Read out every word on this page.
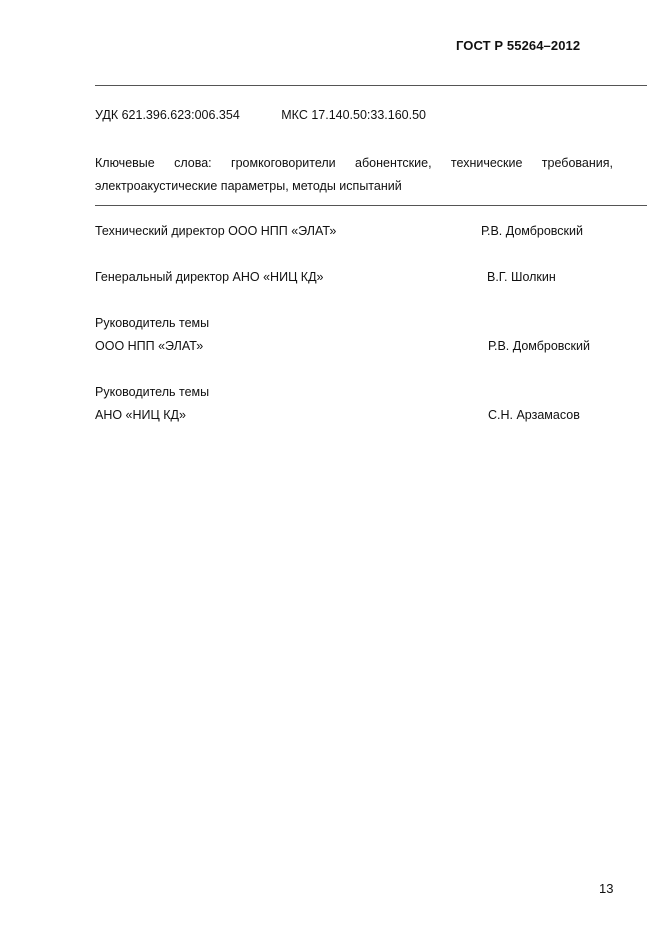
ГОСТ Р 55264–2012
УДК 621.396.623:006.354	МКС 17.140.50:33.160.50
Ключевые слова: громкоговорители абонентские, технические требования, электроакустические параметры, методы испытаний
Технический директор ООО НПП «ЭЛАТ»	Р.В. Домбровский
Генеральный директор АНО «НИЦ КД»	В.Г. Шолкин
Руководитель темы
ООО НПП «ЭЛАТ»	Р.В. Домбровский
Руководитель темы
АНО «НИЦ КД»	С.Н. Арзамасов
13
